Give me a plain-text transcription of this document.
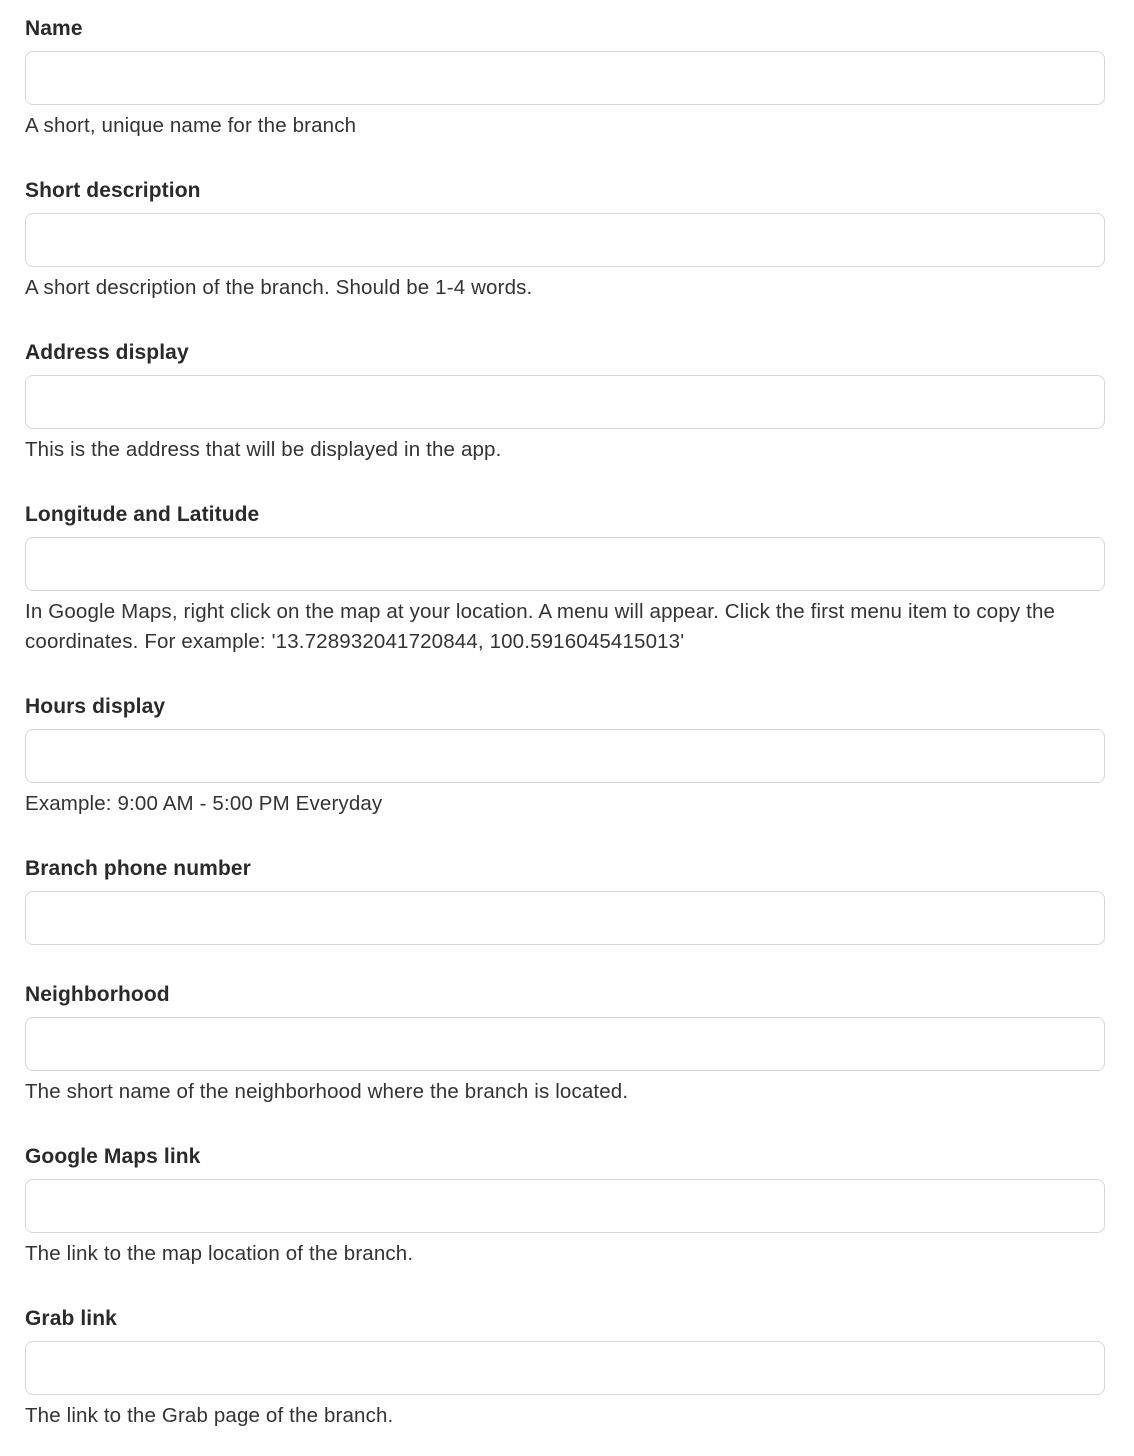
Name
A short, unique name for the branch
Short description
A short description of the branch. Should be 1-4 words.
Address display
This is the address that will be displayed in the app.
Longitude and Latitude
In Google Maps, right click on the map at your location. A menu will appear. Click the first menu item to copy the coordinates. For example: '13.728932041720844, 100.5916045415013'
Hours display
Example: 9:00 AM - 5:00 PM Everyday
Branch phone number
Neighborhood
The short name of the neighborhood where the branch is located.
Google Maps link
The link to the map location of the branch.
Grab link
The link to the Grab page of the branch.
